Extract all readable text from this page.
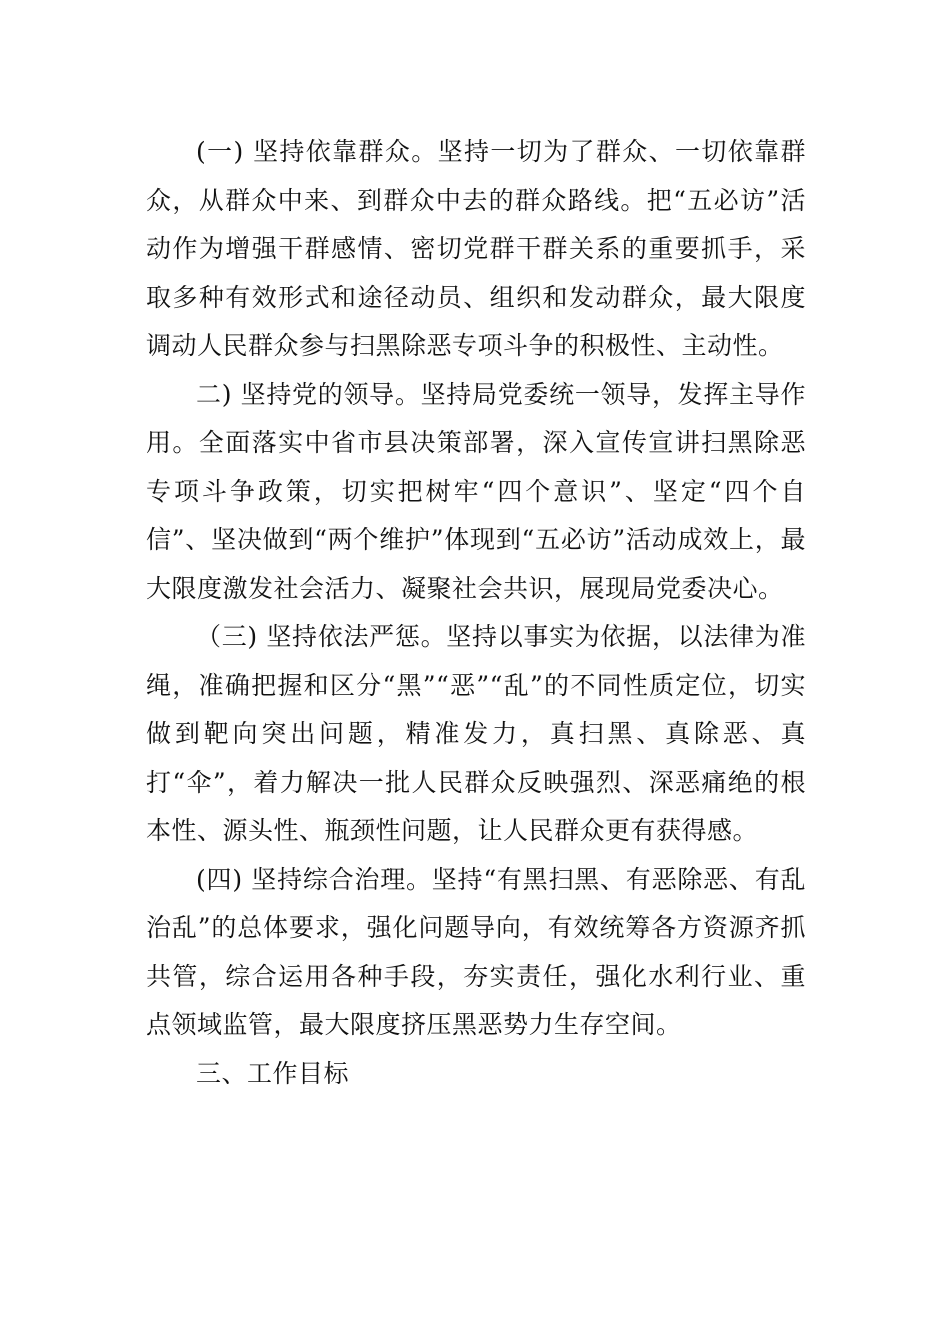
(一) 坚持依靠群众。坚持一切为了群众、一切依靠群众，从群众中来、到群众中去的群众路线。把“五必访”活动作为增强干群感情、密切党群干群关系的重要抓手，采取多种有效形式和途径动员、组织和发动群众，最大限度调动人民群众参与扫黑除恶专项斗争的积极性、主动性。

二) 坚持党的领导。坚持局党委统一领导，发挥主导作用。全面落实中省市县决策部署，深入宣传宣讲扫黑除恶专项斗争政策，切实把树牢“四个意识”、坚定“四个自信”、坚决做到“两个维护”体现到“五必访”活动成效上，最大限度激发社会活力、凝聚社会共识，展现局党委决心。

（三) 坚持依法严惩。坚持以事实为依据，以法律为准绳，准确把握和区分“黑”“恶”“乱”的不同性质定位，切实做到靶向突出问题，精准发力，真扫黑、真除恶、真打“伞”，着力解决一批人民群众反映强烈、深恶痛绝的根本性、源头性、瓶颈性问题，让人民群众更有获得感。

(四) 坚持综合治理。坚持“有黑扫黑、有恶除恶、有乱治乱”的总体要求，强化问题导向，有效统筹各方资源齐抓共管，综合运用各种手段，夯实责任，强化水利行业、重点领域监管，最大限度挤压黑恶势力生存空间。

三、工作目标
